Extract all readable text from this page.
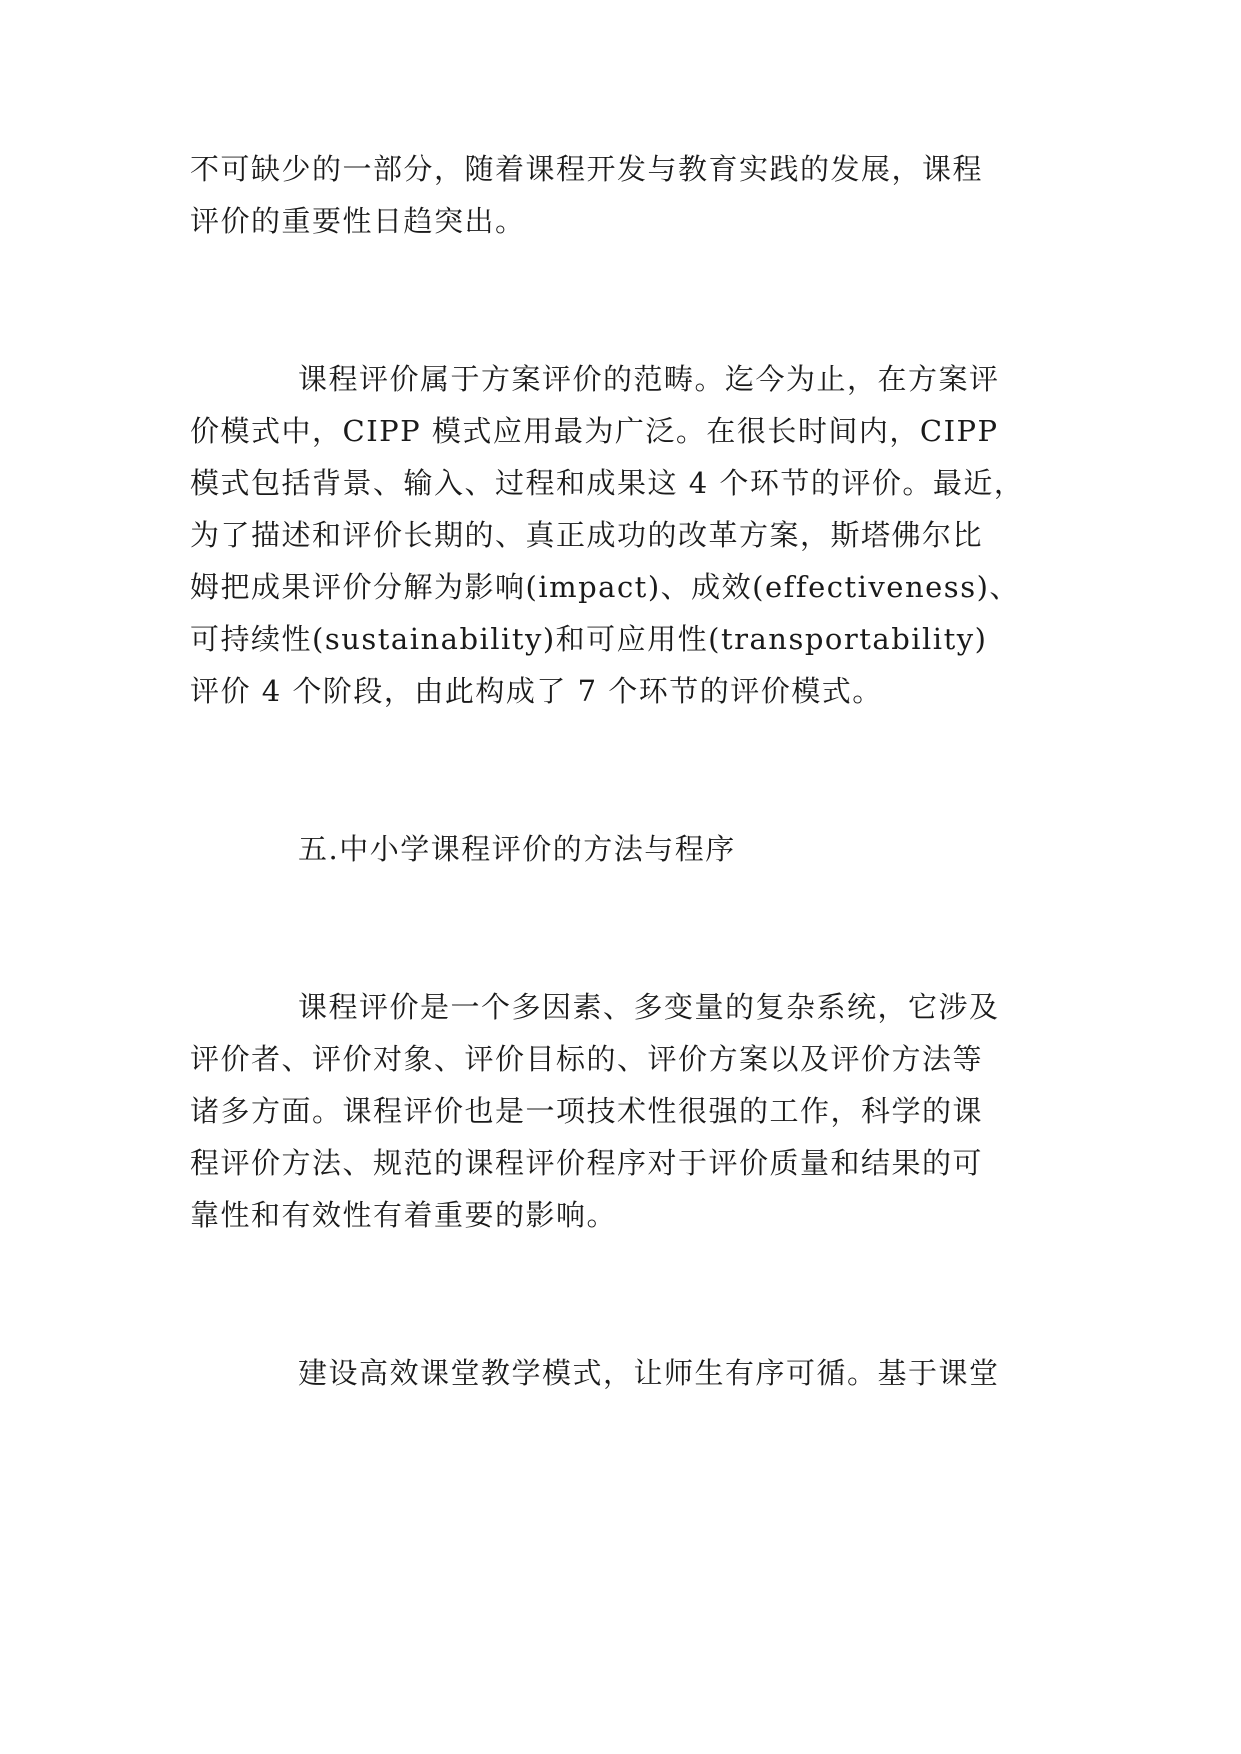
不可缺少的一部分，随着课程开发与教育实践的发展，课程
评价的重要性日趋突出。
课程评价属于方案评价的范畴。迄今为止，在方案评
价模式中，CIPP 模式应用最为广泛。在很长时间内，CIPP
模式包括背景、输入、过程和成果这 4 个环节的评价。最近，
为了描述和评价长期的、真正成功的改革方案，斯塔佛尔比
姆把成果评价分解为影响(impact)、成效(effectiveness)、
可持续性(sustainability)和可应用性(transportability)
评价 4 个阶段，由此构成了 7 个环节的评价模式。
五.中小学课程评价的方法与程序
课程评价是一个多因素、多变量的复杂系统，它涉及
评价者、评价对象、评价目标的、评价方案以及评价方法等
诸多方面。课程评价也是一项技术性很强的工作，科学的课
程评价方法、规范的课程评价程序对于评价质量和结果的可
靠性和有效性有着重要的影响。
建设高效课堂教学模式，让师生有序可循。基于课堂
